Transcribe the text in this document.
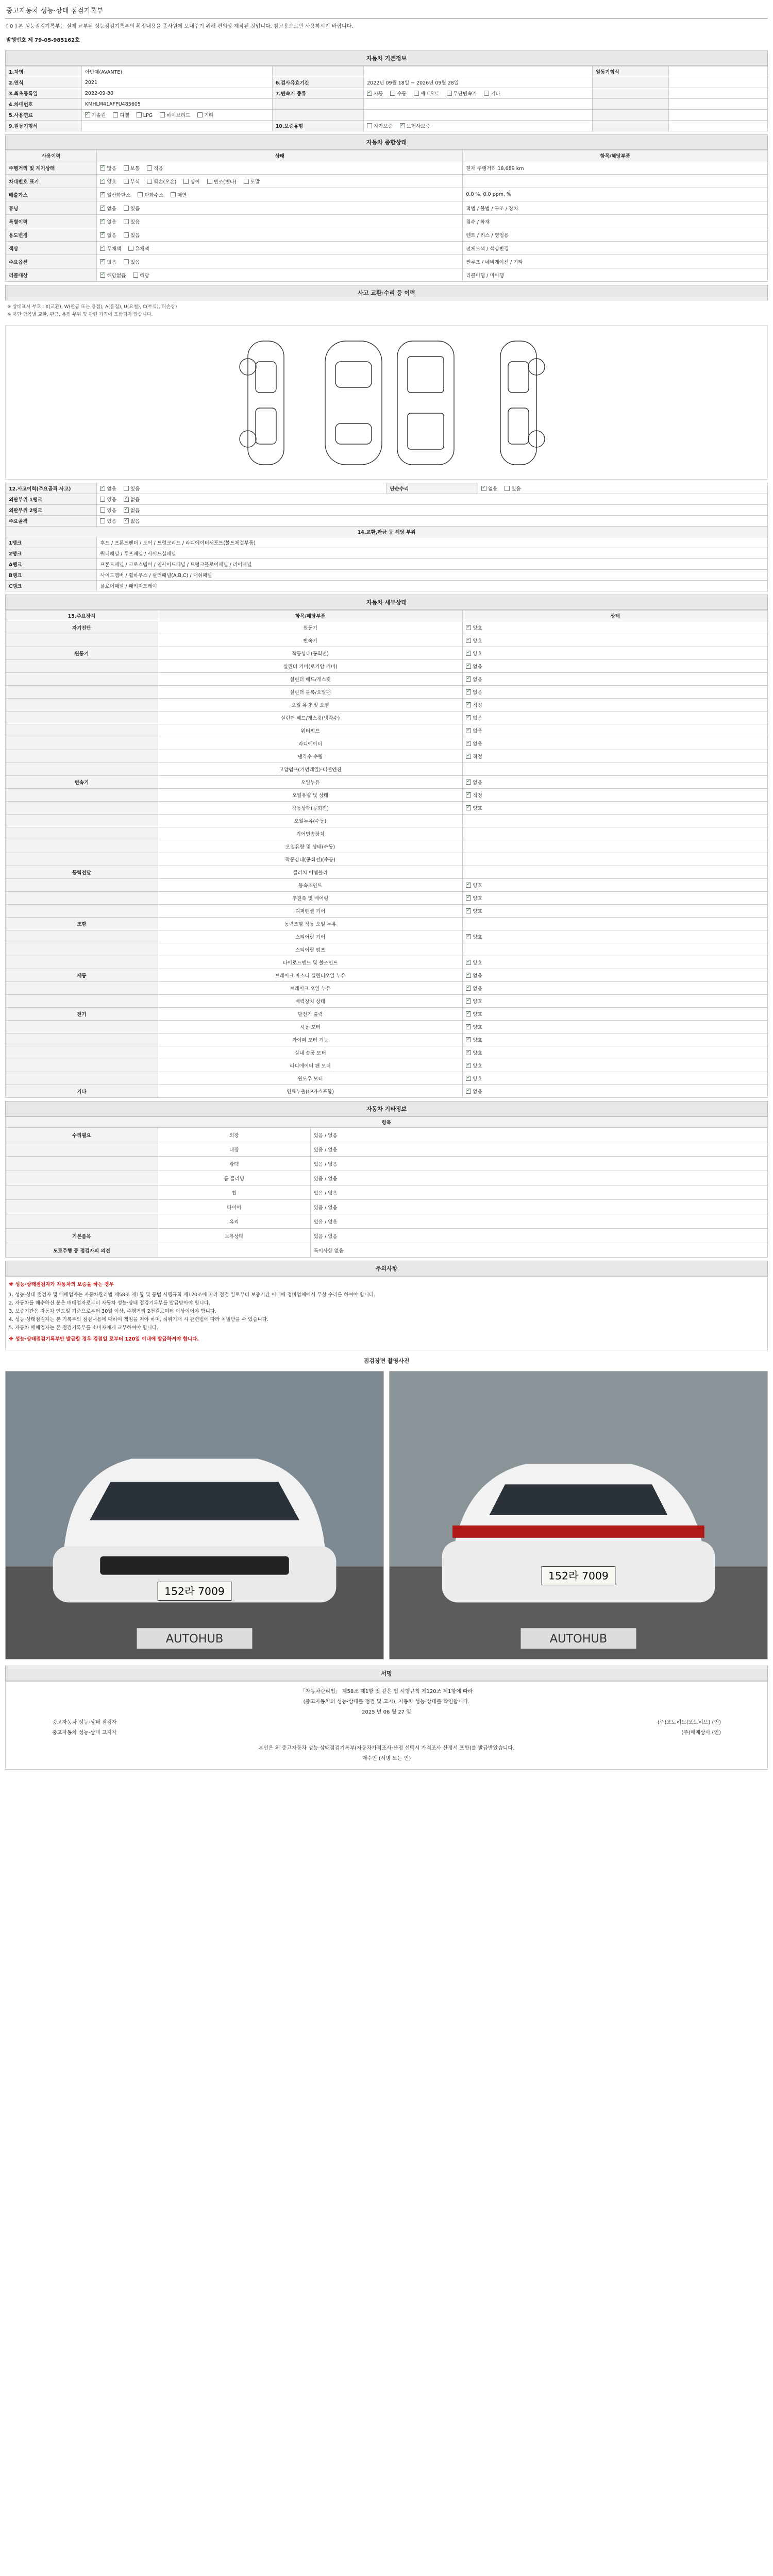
중고자동차 성능·상태 점검기록부
[ 0 ] 본 성능점검기록부는 실제 교부된 성능점검기록부의 확정내용을 종사원에 보내주기 위해 편의상 제작된 것입니다. 참고용으로만 사용하시기 바랍니다.
발행번호 제 79-05-985162호
자동차 기본정보
1.차명	아반떼(AVANTE)			원동기형식	
2.연식	2021	6.검사유효기간	2022년 09월 18일 ~ 2026년 09월 28일		
3.최초등록일	2022-09-30	7.변속기 종류	✓자동 수동 세미오토 무단변속기 기타		
4.차대번호	KMHLM41AFPU485605				
5.사용연료	✓가솔린 디젤 LPG 하이브리드 기타				
9.원동기형식		10.보증유형	자가보증 ✓ 보험사보증		
자동차 종합상태
사용이력	상태	항목/해당부품
주행거리 및 계기상태	✓많음 보통 적음	현재 주행거리 18,689 km
차대번호 표기	✓양호 부식 훼손(오손) 상이 변조(변타) 도말	
배출가스	✓일산화탄소 탄화수소 매연	0.0 %, 0.0 ppm, %
튜닝	✓없음 있음	적법 / 불법 / 구조 / 장치
특별이력	✓없음 있음	침수 / 화재
용도변경	✓없음 있음	렌트 / 리스 / 영업용
색상	✓무채색 유채색	전체도색 / 색상변경
주요옵션	✓없음 있음	썬루프 / 네비게이션 / 기타
리콜대상	✓해당없음 해당	리콜이행 / 미이행
사고 교환·수리 등 이력
※ 상태표시 부호 : X(교환), W(판금 또는 용접), A(흠집), U(요철), C(부식), T(손상)
※ 하단 항목별 교환, 판금, 용접 부위 및 관련 가격에 포함되지 않습니다.
12.사고이력(주요골격 사고)	✓없음 있음	단순수리	✓없음 있음
외판부위 1랭크	있음 ✓ 없음
외판부위 2랭크	있음 ✓ 없음
주요골격	있음 ✓ 없음
14.교환,판금 등 해당 부위			
1랭크	후드 / 프론트펜더 / 도어 / 트렁크리드 / 라디에이터서포트(볼트체결부품)		
2랭크	쿼터패널 / 루프패널 / 사이드실패널		
A랭크	프론트패널 / 크로스멤버 / 인사이드패널 / 트렁크플로어패널 / 리어패널		
B랭크	사이드멤버 / 휠하우스 / 필러패널(A,B,C) / 대쉬패널		
C랭크	플로어패널 / 패키지트레이		
자동차 세부상태
15.주요장치	항목/해당부품	상태
자기진단	원동기	✓양호
	변속기	✓양호
원동기	작동상태(공회전)	✓양호
	실린더 커버(로커암 커버)	✓없음
	실린더 헤드/개스킷	✓없음
	실린더 블록/오일팬	✓없음
	오일 유량 및 오염	✓적정
	실린더 헤드/개스킷(냉각수)	✓없음
	워터펌프	✓없음
	라디에이터	✓없음
	냉각수 수량	✓적정
	고압펌프(커먼레일)-디젤엔진	
변속기	오일누유	✓없음
	오일유량 및 상태	✓적정
	작동상태(공회전)	✓양호
	오일누유(수동)	
	기어변속장치	
	오일유량 및 상태(수동)	
	작동상태(공회전)(수동)	
동력전달	클러치 어셈블리	
	등속조인트	✓양호
	추진축 및 베어링	✓양호
	디퍼렌셜 기어	✓양호
조향	동력조향 작동 오일 누유	
	스티어링 기어	✓양호
	스티어링 펌프	
	타이로드엔드 및 볼조인트	✓양호
제동	브레이크 마스터 실린더오일 누유	✓없음
	브레이크 오일 누유	✓없음
	배력장치 상태	✓양호
전기	발전기 출력	✓양호
	시동 모터	✓양호
	와이퍼 모터 기능	✓양호
	실내 송풍 모터	✓양호
	라디에이터 팬 모터	✓양호
	윈도우 모터	✓양호
기타	연료누출(LP가스포함)	✓없음
자동차 기타정보
항목		
수리필요	외장	있음 / 없음
	내장	있음 / 없음
	광택	있음 / 없음
	룸 클리닝	있음 / 없음
	휠	있음 / 없음
	타이어	있음 / 없음
	유리	있음 / 없음
기본품목	보유상태	있음 / 없음
도로주행 등 점검자의 의견		특이사항 없음
주의사항
※ 성능·상태점검자가 자동차의 보증을 하는 경우
1. 성능·상태 점검자 및 매매업자는 자동차관리법 제58조 제1항 및 동법 시행규칙 제120조에 따라 점검 일로부터 보증기간 이내에 정비업체에서 무상 수리를 하여야 합니다.
2. 자동차를 매수하신 분은 매매업자로부터 자동차 성능·상태 점검기록부를 발급받아야 합니다.
3. 보증기간은 자동차 인도일 기준으로부터 30일 이상, 주행거리 2천킬로미터 이상이어야 합니다.
4. 성능·상태점검자는 본 기록부의 점검내용에 대하여 책임을 져야 하며, 허위기재 시 관련법에 따라 처벌받을 수 있습니다.
5. 자동차 매매업자는 본 점검기록부를 소비자에게 교부하여야 합니다.
※ 성능·상태점검기록부만 발급할 경우 검점일 로부터 120일 이내에 발급하셔야 합니다.
점검장면 촬영사진
152라 7009
AUTOHUB
152라 7009
AUTOHUB
서명
「자동차관리법」 제58조 제1항 및 같은 법 시행규칙 제120조 제1항에 따라
(중고자동차의 성능·상태를 점검 및 고지), 자동차 성능·상태를 확인합니다.
2025 년 06 월 27 일
중고자동차 성능·상태 점검자	(주)오토허브(오토허브) (인)
중고자동차 성능·상태 고지자	(주)매매상사 (인)
본인은 위 중고자동차 성능·상태점검기록부(자동차가격조사·산정 선택시 가격조사·산정서 포함)를 발급받았습니다.
매수인 (서명 또는 인)
